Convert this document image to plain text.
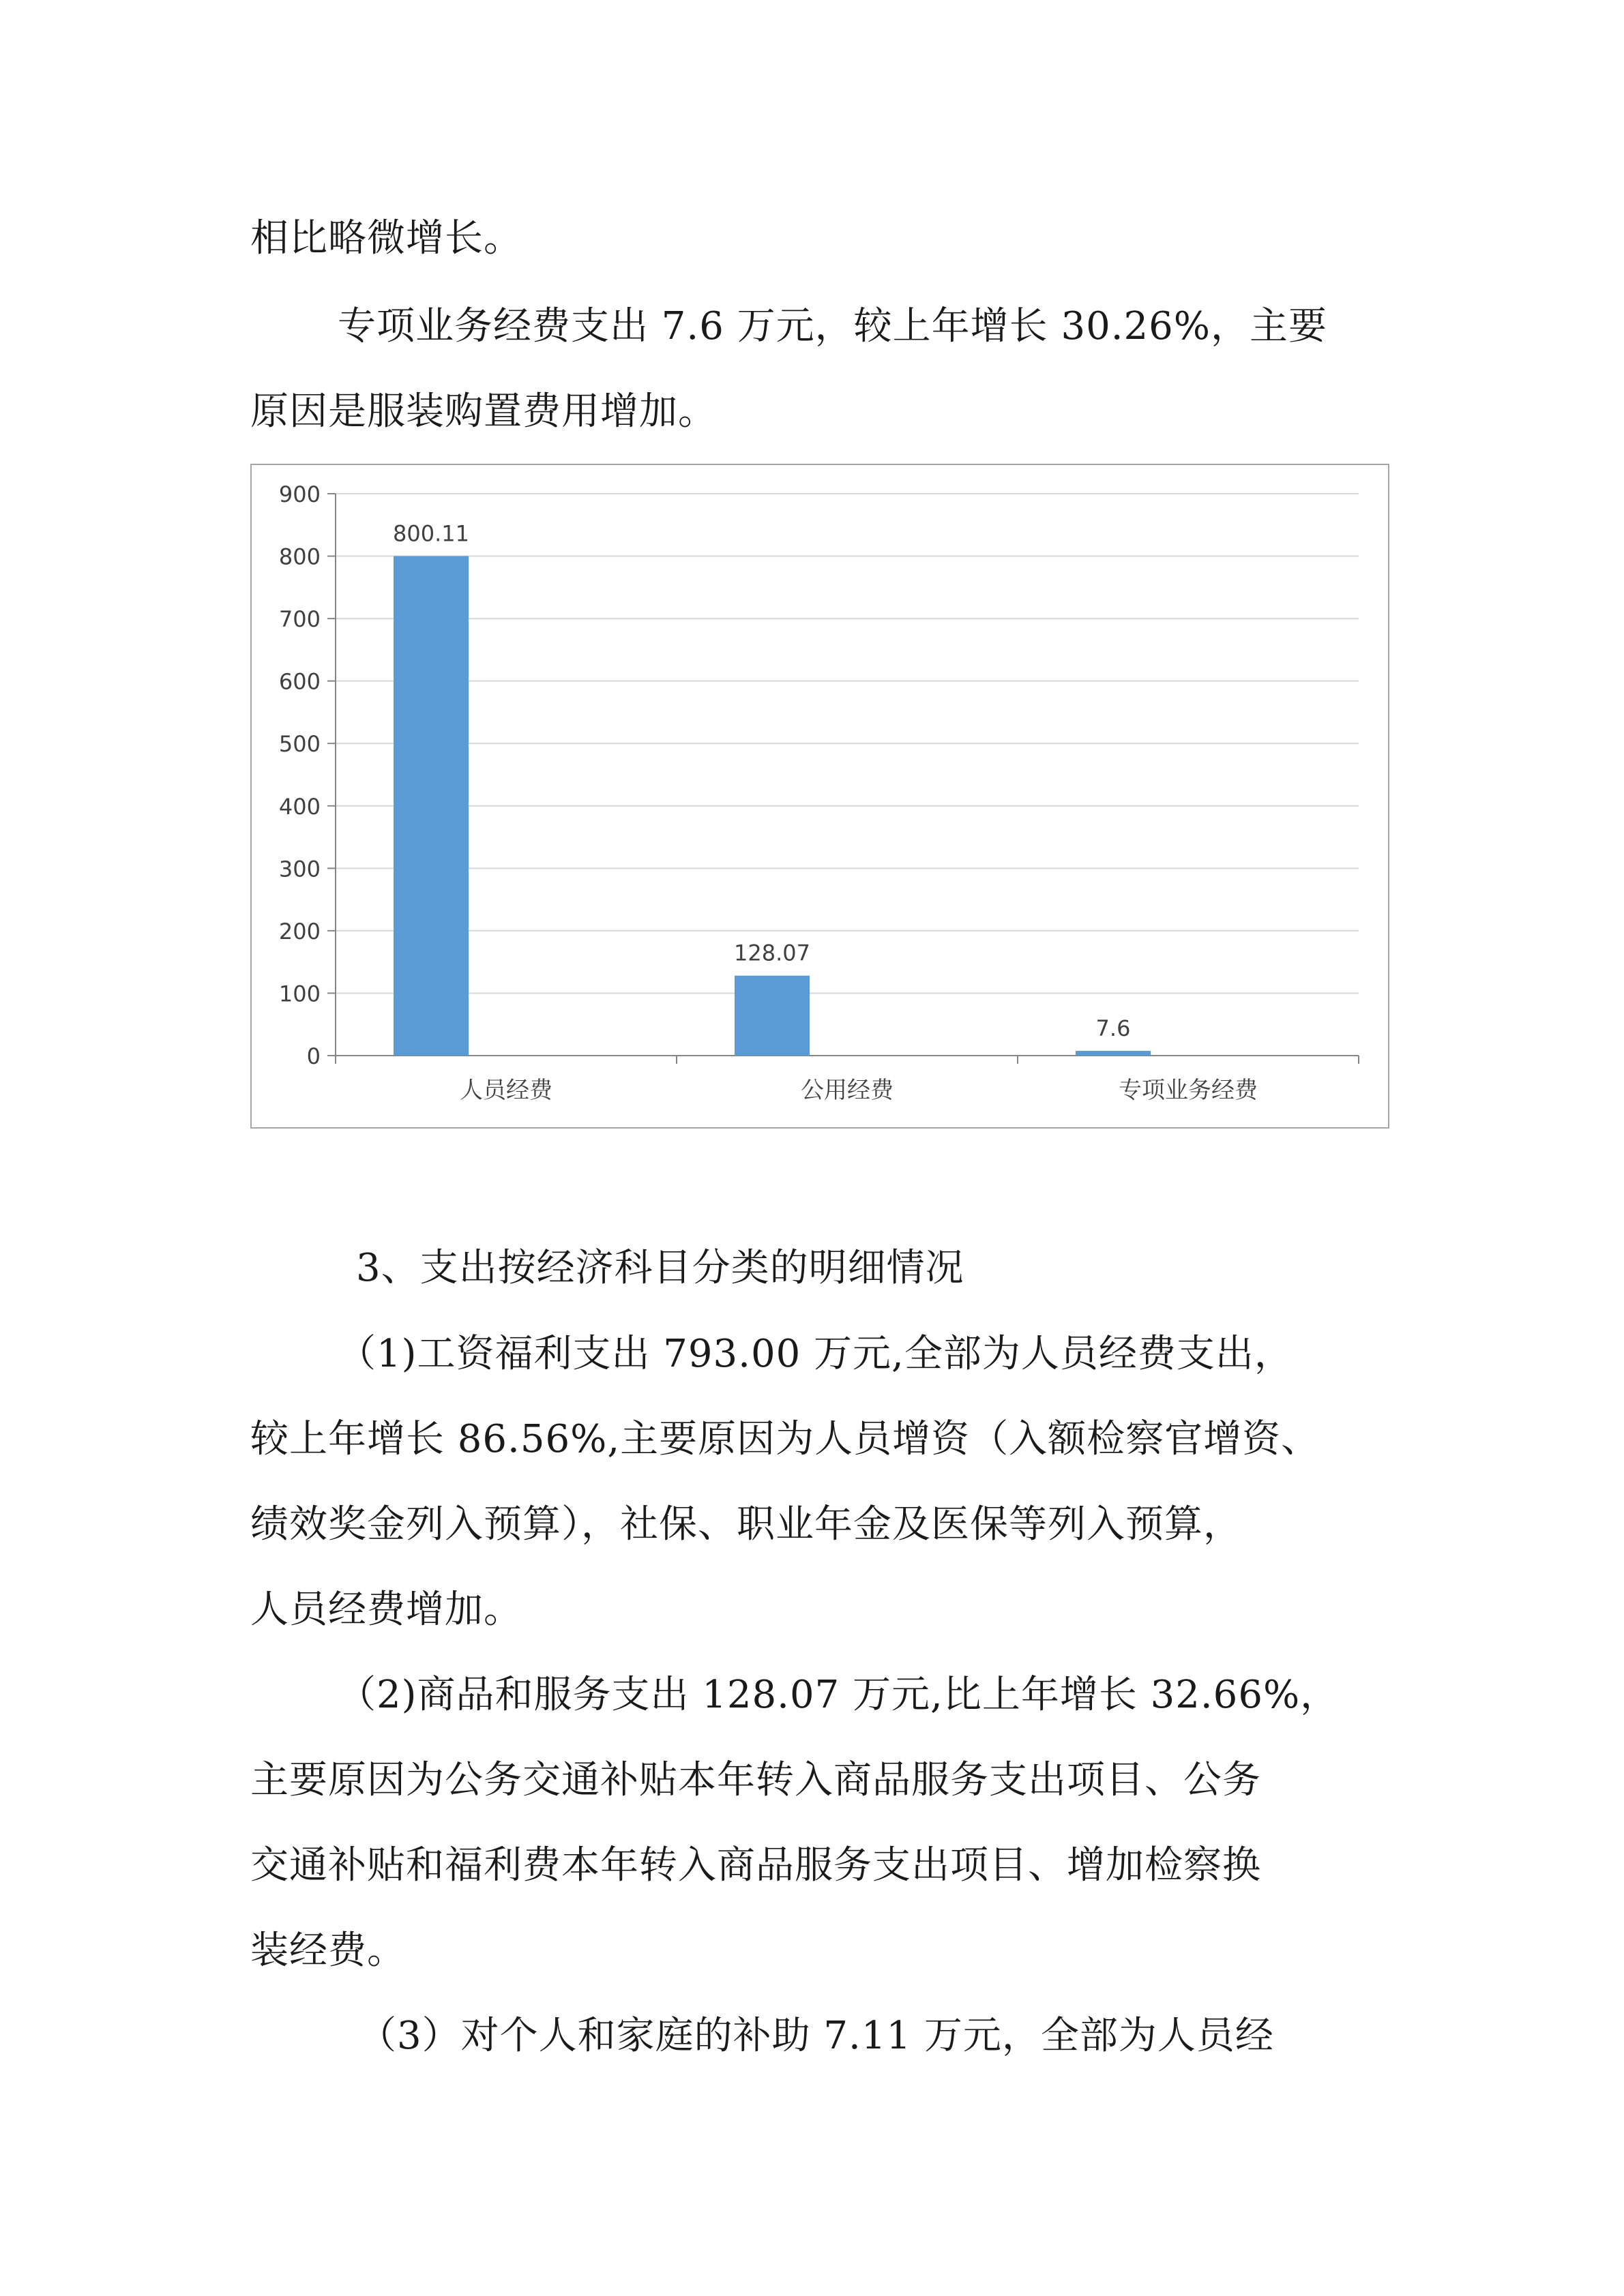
相比略微增长。
专项业务经费支出 7.6 万元，较上年增长 30.26%，主要
原因是服装购置费用增加。
0
100
200
300
400
500
600
700
800
900
800.11
人员经费
128.07
公用经费
7.6
专项业务经费
3、支出按经济科目分类的明细情况
（1)工资福利支出 793.00 万元,全部为人员经费支出，
较上年增长 86.56%,主要原因为人员增资（入额检察官增资、
绩效奖金列入预算），社保、职业年金及医保等列入预算，
人员经费增加。
（2)商品和服务支出 128.07 万元,比上年增长 32.66%，
主要原因为公务交通补贴本年转入商品服务支出项目、公务
交通补贴和福利费本年转入商品服务支出项目、增加检察换
装经费。
（3）对个人和家庭的补助 7.11 万元，全部为人员经
